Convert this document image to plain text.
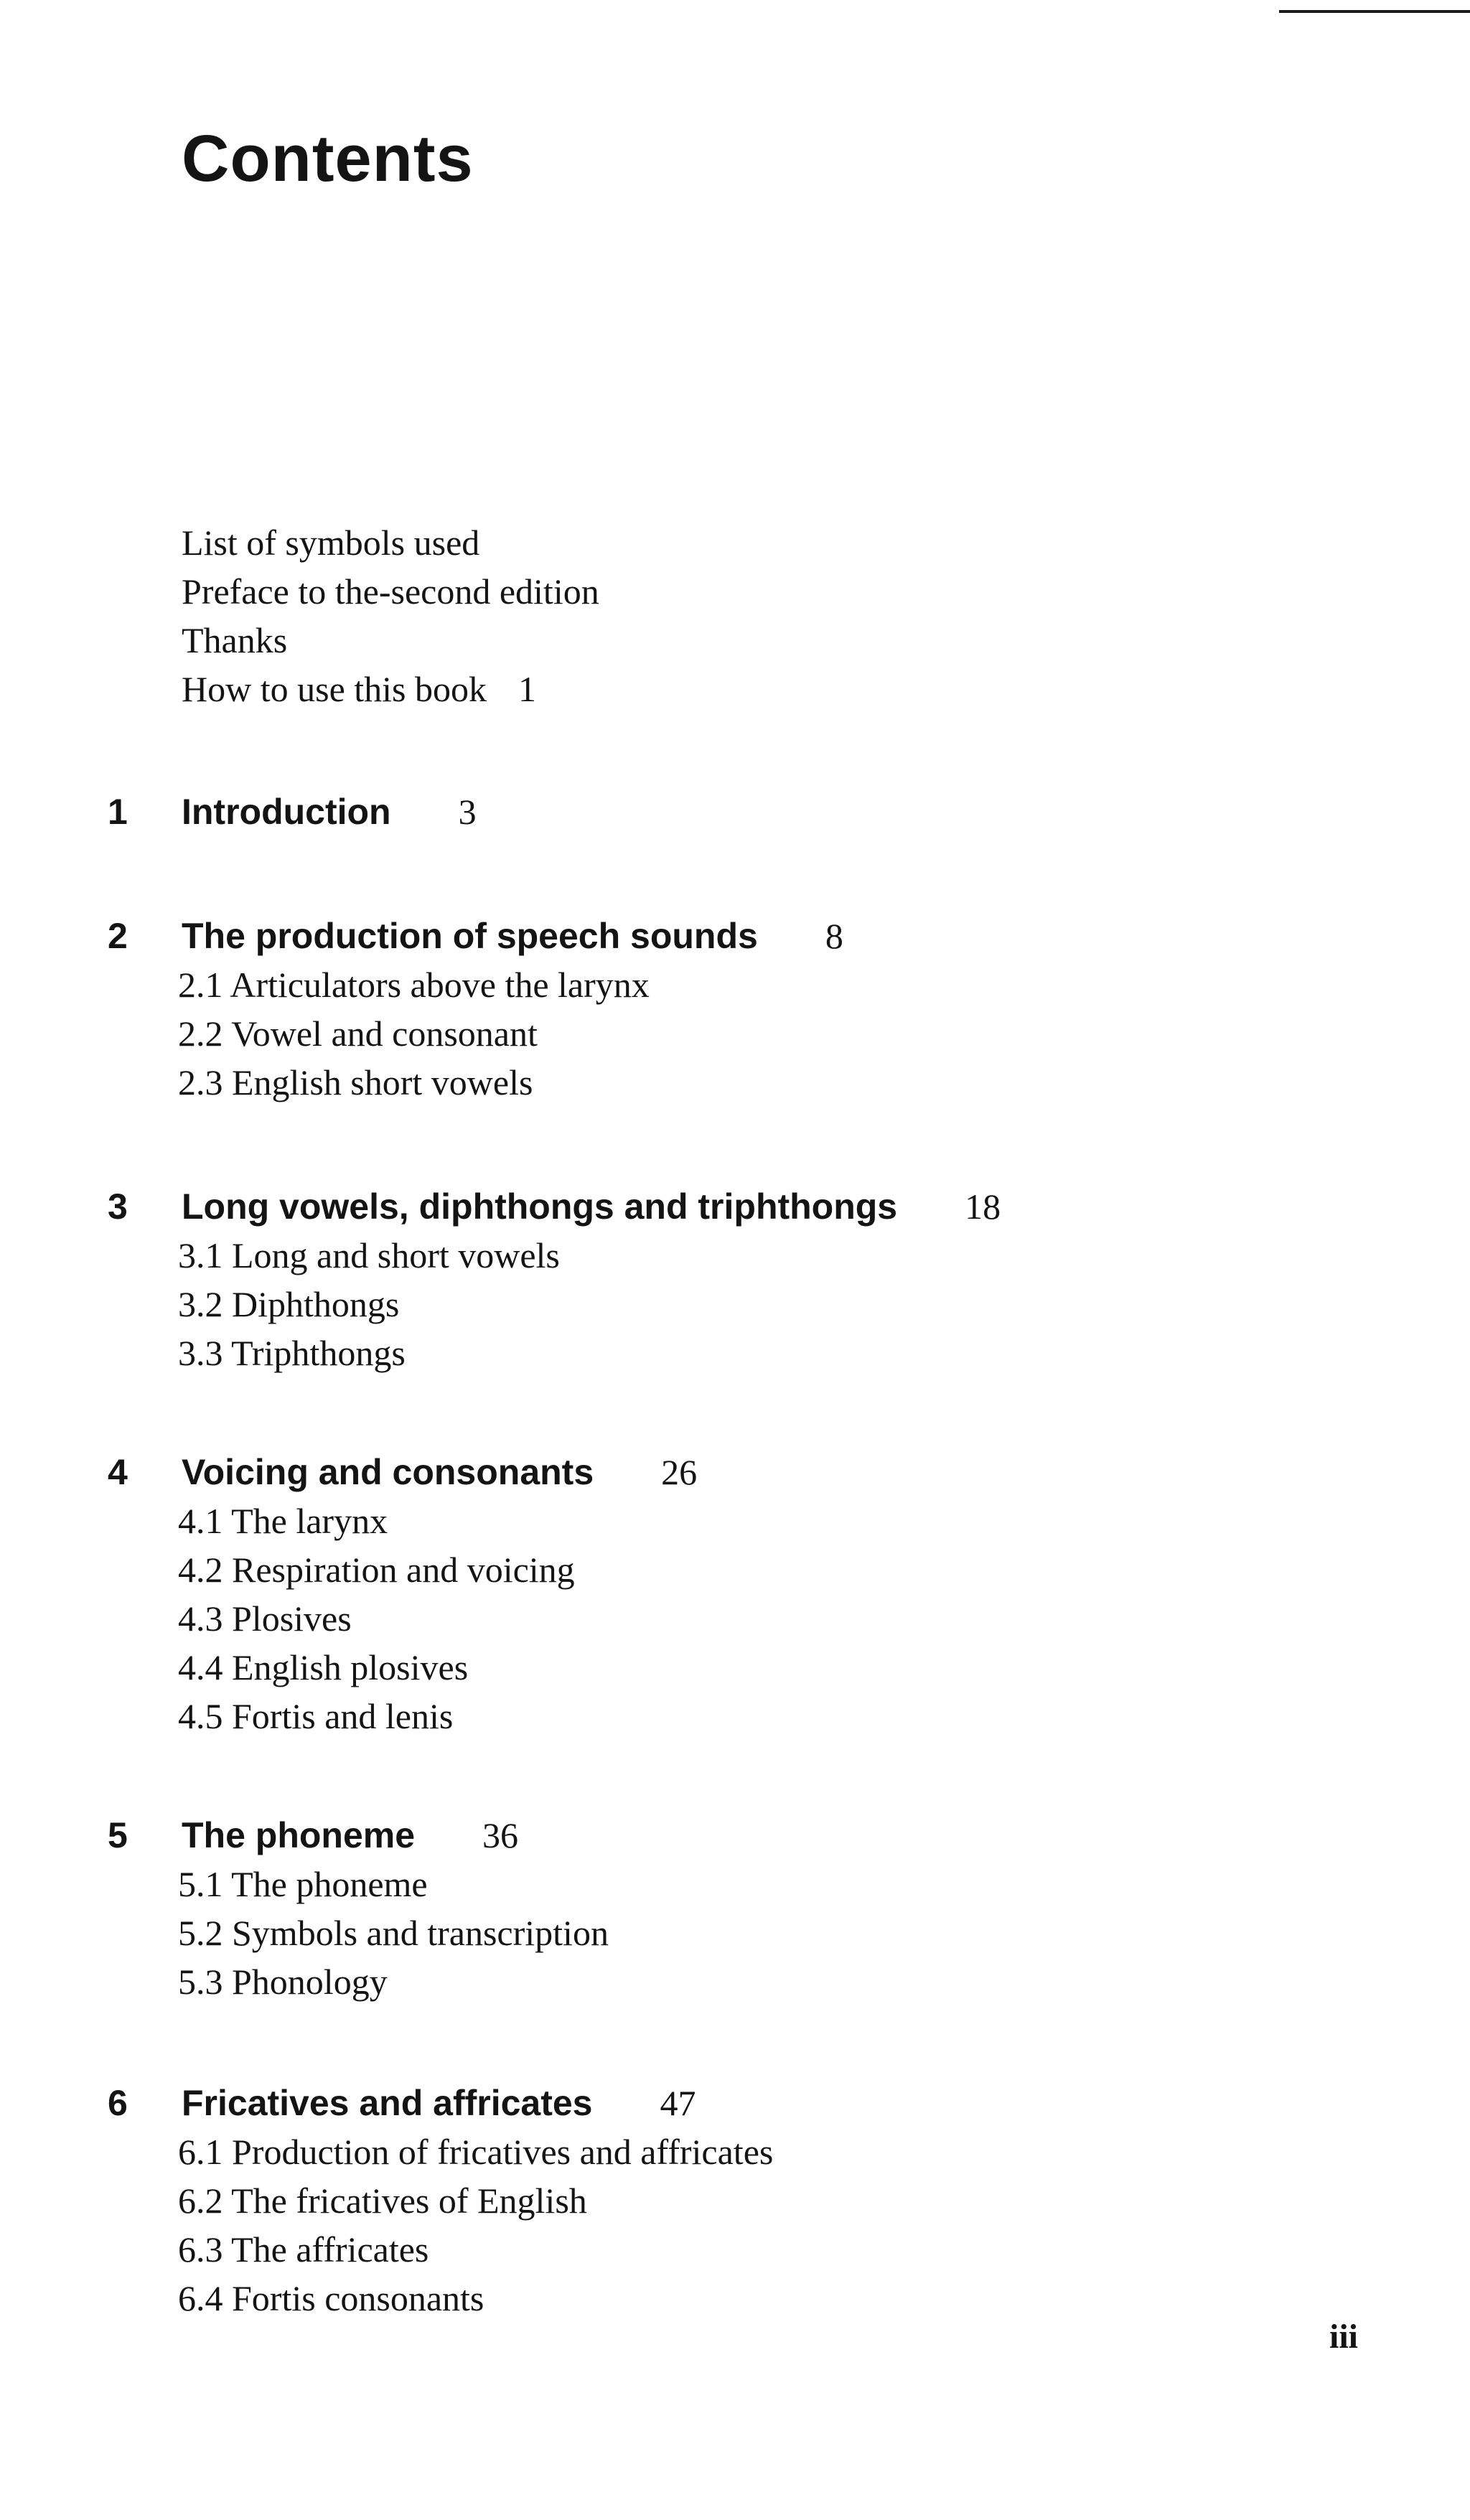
Contents
List of symbols used
Preface to the-second edition
Thanks
How to use this book 1
1 Introduction 3
2 The production of speech sounds 8
2.1 Articulators above the larynx
2.2 Vowel and consonant
2.3 English short vowels
3 Long vowels, diphthongs and triphthongs 18
3.1 Long and short vowels
3.2 Diphthongs
3.3 Triphthongs
4 Voicing and consonants 26
4.1 The larynx
4.2 Respiration and voicing
4.3 Plosives
4.4 English plosives
4.5 Fortis and lenis
5 The phoneme 36
5.1 The phoneme
5.2 Symbols and transcription
5.3 Phonology
6 Fricatives and affricates 47
6.1 Production of fricatives and affricates
6.2 The fricatives of English
6.3 The affricates
6.4 Fortis consonants
iii
